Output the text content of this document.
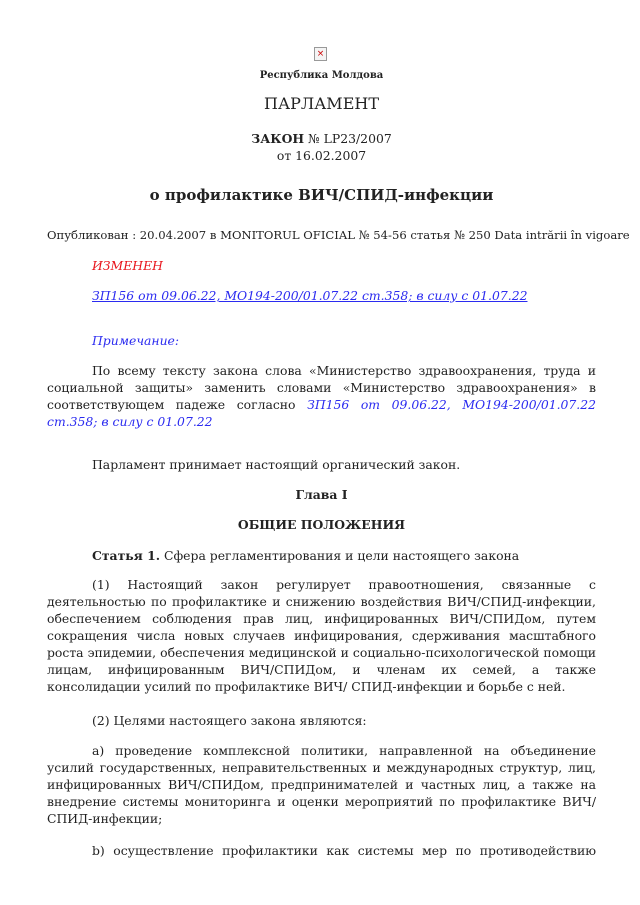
×
Республика Молдова
ПАРЛАМЕНТ
ЗАКОН № LP23/2007
от 16.02.2007
о профилактике ВИЧ/СПИД-инфекции
Опубликован : 20.04.2007 в MONITORUL OFICIAL № 54-56 статья № 250 Data intrării în vigoare
ИЗМЕНЕН
ЗП156 от 09.06.22, МО194-200/01.07.22 ст.358; в силу с 01.07.22
Примечание:
По всему тексту закона слова «Министерство здравоохранения, труда и социальной защиты» заменить словами «Министерство здравоохранения» в соответствующем падеже согласно ЗП156 от 09.06.22, МО194-200/01.07.22 ст.358; в силу с 01.07.22
Парламент принимает настоящий органический закон.
Глава I
ОБЩИЕ ПОЛОЖЕНИЯ
Статья 1. Сфера регламентирования и цели настоящего закона
(1) Настоящий закон регулирует правоотношения, связанные с деятельностью по профилактике и снижению воздействия ВИЧ/СПИД-инфекции, обеспечением соблюдения прав лиц, инфицированных ВИЧ/СПИДом, путем сокращения числа новых случаев инфицирования, сдерживания масштабного роста эпидемии, обеспечения медицинской и социально-психологической помощи лицам, инфицированным ВИЧ/СПИДом, и членам их семей, а также консолидации усилий по профилактике ВИЧ/ СПИД-инфекции и борьбе с ней.
(2) Целями настоящего закона являются:
a) проведение комплексной политики, направленной на объединение усилий государственных, неправительственных и международных структур, лиц, инфицированных ВИЧ/СПИДом, предпринимателей и частных лиц, а также на внедрение системы мониторинга и оценки мероприятий по профилактике ВИЧ/СПИД-инфекции;
b) осуществление профилактики как системы мер по противодействию
